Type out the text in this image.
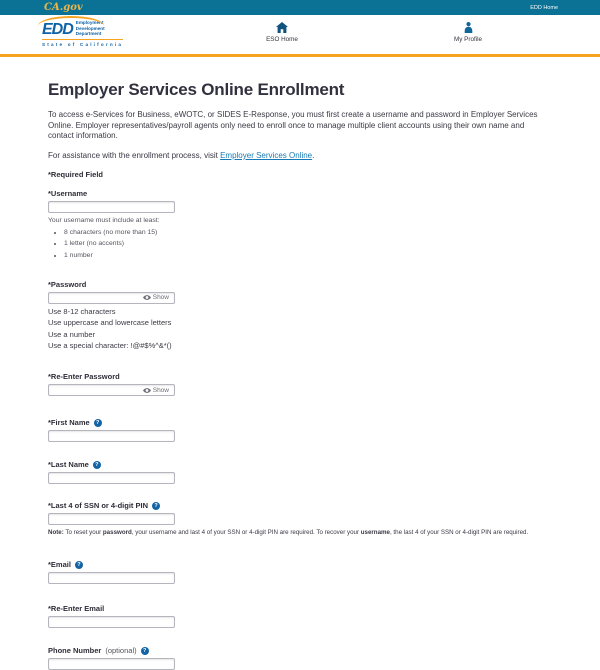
CA.gov	EDD Home
EDD Employment
Development
Department
State of California
ESO Home	My Profile
Employer Services Online Enrollment

To access e-Services for Business, eWOTC, or SIDES E-Response, you must first create a username and password in Employer Services Online. Employer representatives/payroll agents only need to enroll once to manage multiple client accounts using their own name and contact information.

For assistance with the enrollment process, visit Employer Services Online.

*Required Field
*Username
Your username must include at least:
• 8 characters (no more than 15)
• 1 letter (no accents)
• 1 number
*Password
Show
Use 8-12 characters
Use uppercase and lowercase letters
Use a number
Use a special character: !@#$%^&*()
*Re-Enter Password
Show
*First Name	?
*Last Name	?
*Last 4 of SSN or 4-digit PIN	?
Note: To reset your password, your username and last 4 of your SSN or 4-digit PIN are required. To recover your username, the last 4 of your SSN or 4-digit PIN are required.
*Email	?
*Re-Enter Email
Phone Number (optional)	?
